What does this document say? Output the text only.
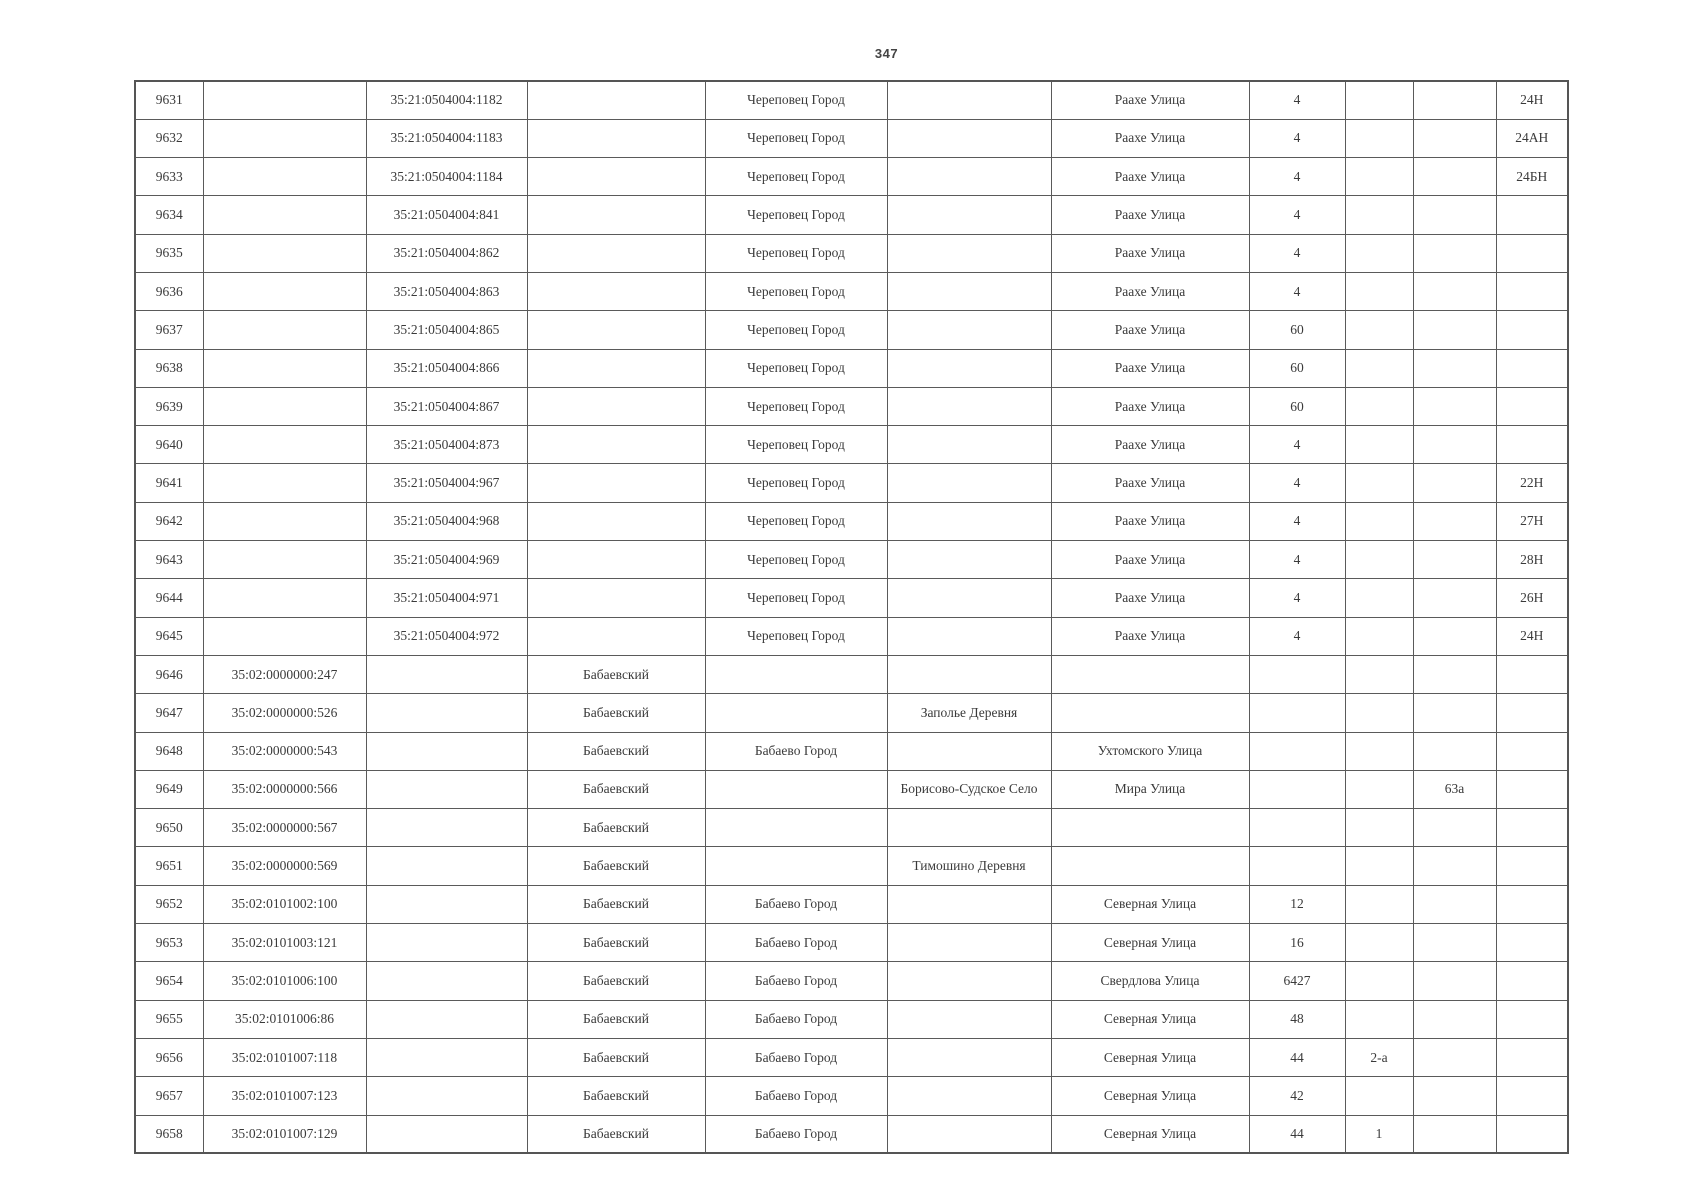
347
9631		35:21:0504004:1182		Череповец Город		Раахе Улица	4			24Н
9632		35:21:0504004:1183		Череповец Город		Раахе Улица	4			24АН
9633		35:21:0504004:1184		Череповец Город		Раахе Улица	4			24БН
9634		35:21:0504004:841		Череповец Город		Раахе Улица	4			
9635		35:21:0504004:862		Череповец Город		Раахе Улица	4			
9636		35:21:0504004:863		Череповец Город		Раахе Улица	4			
9637		35:21:0504004:865		Череповец Город		Раахе Улица	60			
9638		35:21:0504004:866		Череповец Город		Раахе Улица	60			
9639		35:21:0504004:867		Череповец Город		Раахе Улица	60			
9640		35:21:0504004:873		Череповец Город		Раахе Улица	4			
9641		35:21:0504004:967		Череповец Город		Раахе Улица	4			22Н
9642		35:21:0504004:968		Череповец Город		Раахе Улица	4			27Н
9643		35:21:0504004:969		Череповец Город		Раахе Улица	4			28Н
9644		35:21:0504004:971		Череповец Город		Раахе Улица	4			26Н
9645		35:21:0504004:972		Череповец Город		Раахе Улица	4			24Н
9646	35:02:0000000:247		Бабаевский							
9647	35:02:0000000:526		Бабаевский		Заполье Деревня					
9648	35:02:0000000:543		Бабаевский	Бабаево Город		Ухтомского Улица				
9649	35:02:0000000:566		Бабаевский		Борисово-Судское Село	Мира Улица			63а	
9650	35:02:0000000:567		Бабаевский							
9651	35:02:0000000:569		Бабаевский		Тимошино Деревня					
9652	35:02:0101002:100		Бабаевский	Бабаево Город		Северная Улица	12			
9653	35:02:0101003:121		Бабаевский	Бабаево Город		Северная Улица	16			
9654	35:02:0101006:100		Бабаевский	Бабаево Город		Свердлова Улица	6427			
9655	35:02:0101006:86		Бабаевский	Бабаево Город		Северная Улица	48			
9656	35:02:0101007:118		Бабаевский	Бабаево Город		Северная Улица	44	2-а		
9657	35:02:0101007:123		Бабаевский	Бабаево Город		Северная Улица	42			
9658	35:02:0101007:129		Бабаевский	Бабаево Город		Северная Улица	44	1		
